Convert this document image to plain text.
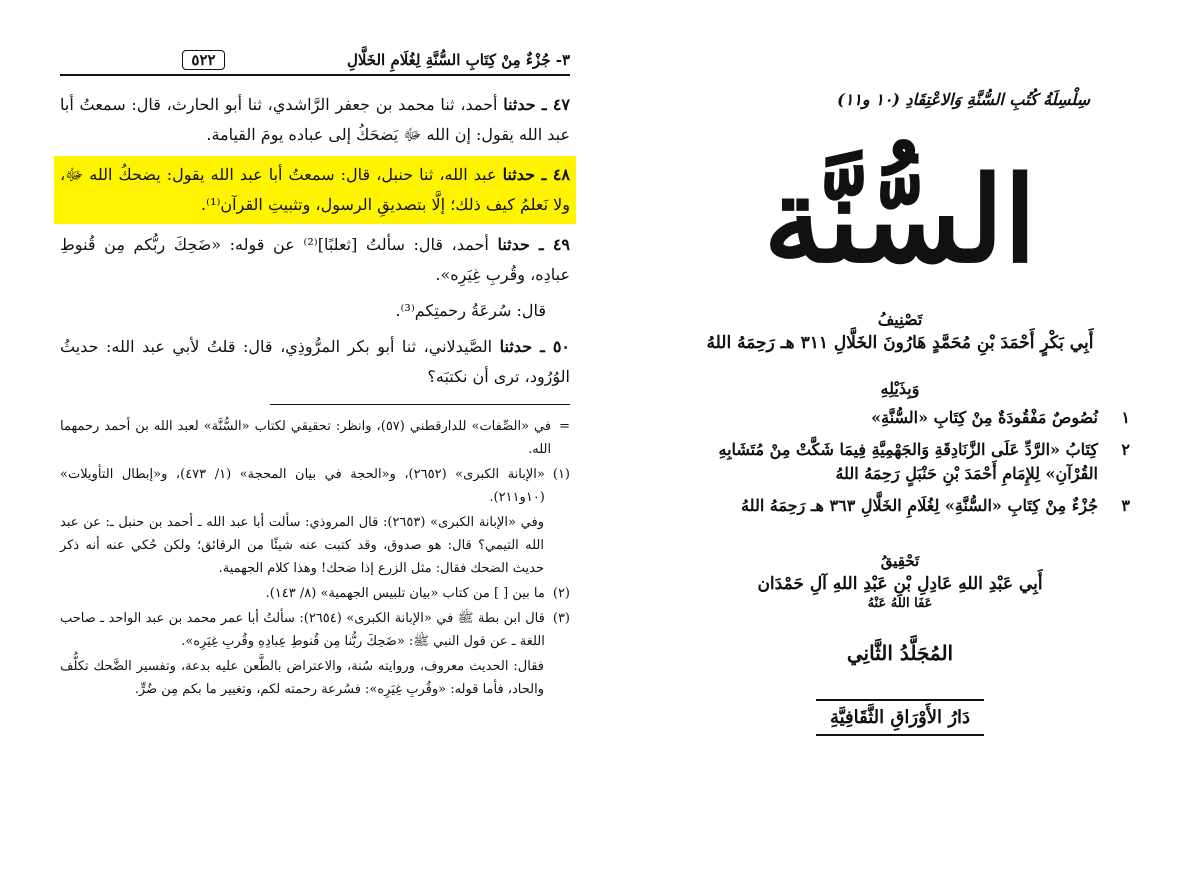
٣- جُزْءٌ مِنْ كِتَابِ السُّنَّةِ لِغُلَامِ الخَلَّالِ
٥٢٢

٤٧ ـ حدثنا أحمد، ثنا محمد بن جعفر الرَّاشدي، ثنا أبو الحارث، قال: سمعتُ أبا عبد الله يقول: إن الله ﷻ يَضحَكُ إلى عباده يومَ القيامة.

٤٨ ـ حدثنا عبد الله، ثنا حنبل، قال: سمعتُ أبا عبد الله يقول: يضحكُ الله ﷻ، ولا نَعلمُ كيف ذلك؛ إلَّا بتصديقِ الرسول، وتثبيتِ القرآن⁽¹⁾.

٤٩ ـ حدثنا أحمد، قال: سألتُ [ثعلبًا]⁽²⁾ عن قوله: «ضَحِكَ ربُّكم مِن قُنوطِ عبادِه، وقُربِ غِيَرِه».

قال: سُرعَةُ رحمتِكم⁽³⁾.

٥٠ ـ حدثنا الصَّيدلاني، ثنا أبو بكر المرُّوذِي، قال: قلتُ لأبي عبد الله: حديثُ الوُرُود، ترى أن نكتبَه؟

=
في «الصِّفات» للدارقطني (٥٧)، وانظر: تحقيقي لكتاب «السُّنَّة» لعبد الله بن أحمد رحمهما الله.
(١)
«الإبانة الكبرى» (٢٦٥٢)، و«الحجة في بيان المحجة» (١/ ٤٧٣)، و«إبطال التأويلات» (١٠و٢١١).

وفي «الإبانة الكبرى» (٢٦٥٣): قال المروذي: سألت أبا عبد الله ـ أحمد بن حنبل ـ: عن عبد الله التيمي؟ قال: هو صدوق، وقد كتبت عنه شيئًا من الرقائق؛ ولكن حُكي عنه أنه ذكر حديث الضحك فقال: مثل الزرع إذا ضحك! وهذا كلام الجهمية.

(٢)
ما بين [ ] من كتاب «بيان تلبيس الجهمية» (٨/ ١٤٣).
(٣)
قال ابن بطة ﷺ في «الإبانة الكبرى» (٢٦٥٤): سألتُ أبا عمر محمد بن عبد الواحد ـ صاحب اللغة ـ عن قول النبي ﷺ: «ضَحِكَ ربُّنا مِن قُنوطِ عِبادِهِ وقُربِ غِيَرِه».

فقال: الحديث معروف، وروايته سُنة، والاعتراض بالطَّعن عليه بدعة، وتفسير الضَّحك تكلُّف والحاد، فأما قوله: «وقُربِ غِيَرِه»: فسُرعة رحمته لكم، وتغيير ما بكم مِن ضُرٍّ.

سِلْسِلَةُ كُتُبِ السُّنَّةِ وَالاعْتِقَادِ (١٠ و١١)
السُّنَّة
تَصْنِيفُ
أَبِي بَكْرٍ أَحْمَدَ بْنِ مُحَمَّدٍ هَارُونَ الخَلَّالِ ٣١١ هـ رَحِمَهُ اللهُ
وَبِذَيْلِهِ
١
نُصُوصٌ مَفْقُودَةٌ مِنْ كِتَابِ «السُّنَّةِ»
٢
كِتَابُ «الرَّدِّ عَلَى الزَّنَادِقَةِ وَالجَهْمِيَّةِ فِيمَا شَكَّتْ مِنْ مُتَشَابِهِ القُرْآنِ» لِلإِمَامِ أَحْمَدَ بْنِ حَنْبَلٍ رَحِمَهُ اللهُ
٣
جُزْءٌ مِنْ كِتَابِ «السُّنَّةِ» لِغُلَامِ الخَلَّالِ ٣٦٣ هـ رَحِمَهُ اللهُ
تَحْقِيقُ
أَبِي عَبْدِ اللهِ عَادِلِ بْنِ عَبْدِ اللهِ آلِ حَمْدَان
عَفَا اللهُ عَنْهُ
المُجَلَّدُ الثَّانِي
دَارُ الأَوْرَاقِ الثَّقَافِيَّةِ
